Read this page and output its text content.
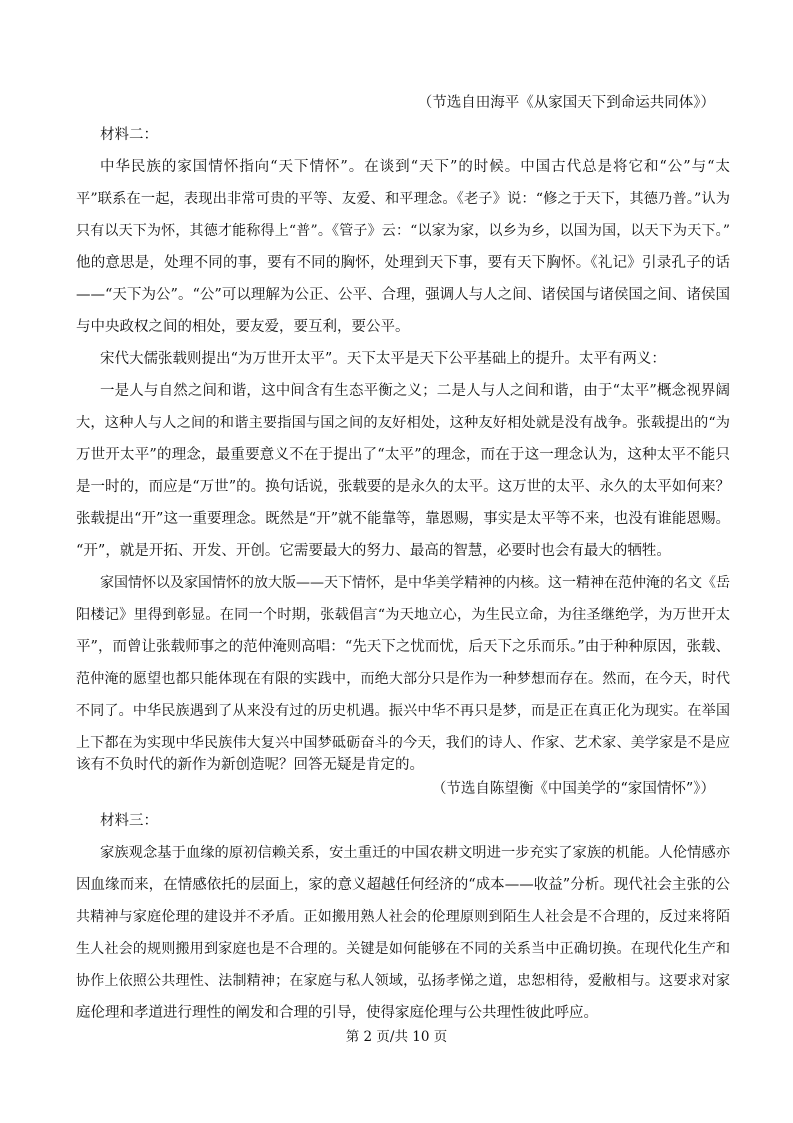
（节选自田海平《从家国天下到命运共同体》）
材料二：
中华民族的家国情怀指向“天下情怀”。在谈到“天下”的时候。中国古代总是将它和“公”与“太
平”联系在一起，表现出非常可贵的平等、友爱、和平理念。《老子》说：“修之于天下，其德乃普。”认为
只有以天下为怀，其德才能称得上“普”。《管子》云：“以家为家，以乡为乡，以国为国，以天下为天下。”
他的意思是，处理不同的事，要有不同的胸怀，处理到天下事，要有天下胸怀。《礼记》引录孔子的话
——“天下为公”。“公”可以理解为公正、公平、合理，强调人与人之间、诸侯国与诸侯国之间、诸侯国
与中央政权之间的相处，要友爱，要互利，要公平。
宋代大儒张载则提出“为万世开太平”。天下太平是天下公平基础上的提升。太平有两义：
一是人与自然之间和谐，这中间含有生态平衡之义；二是人与人之间和谐，由于“太平”概念视界阔
大，这种人与人之间的和谐主要指国与国之间的友好相处，这种友好相处就是没有战争。张载提出的“为
万世开太平”的理念，最重要意义不在于提出了“太平”的理念，而在于这一理念认为，这种太平不能只
是一时的，而应是“万世”的。换句话说，张载要的是永久的太平。这万世的太平、永久的太平如何来？
张载提出“开”这一重要理念。既然是“开”就不能靠等，靠恩赐，事实是太平等不来，也没有谁能恩赐。
“开”，就是开拓、开发、开创。它需要最大的努力、最高的智慧，必要时也会有最大的牺牲。
家国情怀以及家国情怀的放大版——天下情怀，是中华美学精神的内核。这一精神在范仲淹的名文《岳
阳楼记》里得到彰显。在同一个时期，张载倡言“为天地立心，为生民立命，为往圣继绝学，为万世开太
平”，而曾让张载师事之的范仲淹则高唱：“先天下之忧而忧，后天下之乐而乐。”由于种种原因，张载、
范仲淹的愿望也都只能体现在有限的实践中，而绝大部分只是作为一种梦想而存在。然而，在今天，时代
不同了。中华民族遇到了从来没有过的历史机遇。振兴中华不再只是梦，而是正在真正化为现实。在举国
上下都在为实现中华民族伟大复兴中国梦砥砺奋斗的今天，我们的诗人、作家、艺术家、美学家是不是应
该有不负时代的新作为新创造呢？回答无疑是肯定的。
（节选自陈望衡《中国美学的“家国情怀”》）
材料三：
家族观念基于血缘的原初信赖关系，安土重迁的中国农耕文明进一步充实了家族的机能。人伦情感亦
因血缘而来，在情感依托的层面上，家的意义超越任何经济的“成本——收益”分析。现代社会主张的公
共精神与家庭伦理的建设并不矛盾。正如搬用熟人社会的伦理原则到陌生人社会是不合理的，反过来将陌
生人社会的规则搬用到家庭也是不合理的。关键是如何能够在不同的关系当中正确切换。在现代化生产和
协作上依照公共理性、法制精神；在家庭与私人领域，弘扬孝悌之道，忠恕相待，爱敝相与。这要求对家
庭伦理和孝道进行理性的阐发和合理的引导，使得家庭伦理与公共理性彼此呼应。
第 2 页/共 10 页
